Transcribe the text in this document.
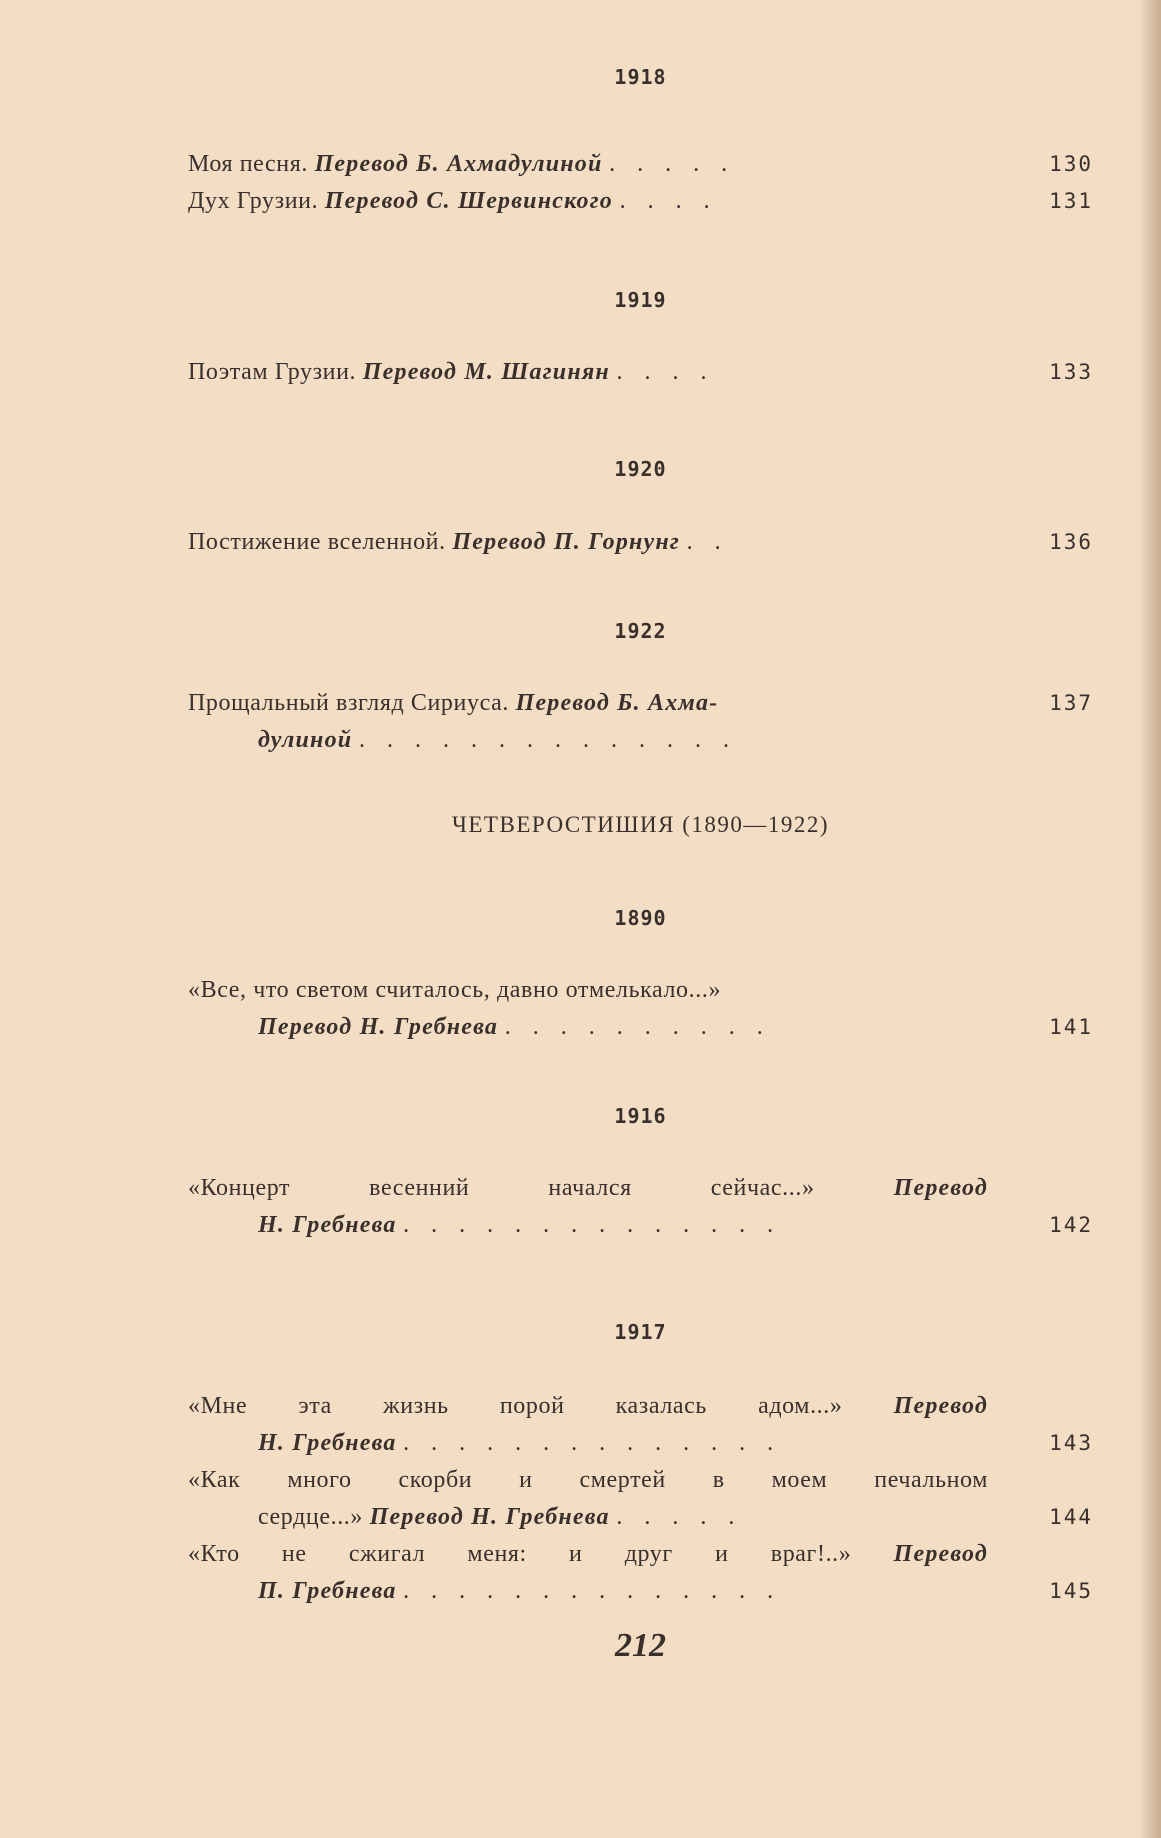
1918
Моя песня. Перевод Б. Ахмадулиной . . . . .	130
Дух Грузии. Перевод С. Шервинского . . . .	131
1919
Поэтам Грузии. Перевод М. Шагинян . . . .	133
1920
Постижение вселенной. Перевод П. Горнунг . .	136
1922
Прощальный взгляд Сириуса. Перевод Б. Ахма-	137
дулиной . . . . . . . . . . . . . .
ЧЕТВЕРОСТИШИЯ (1890—1922)
1890
«Все, что светом считалось, давно отмелькало...»
Перевод Н. Гребнева . . . . . . . . . .	141
1916
«Концерт весенний начался сейчас...»	Перевод
Н. Гребнева . . . . . . . . . . . . . .	142
1917
«Мне эта жизнь порой казалась адом...» Перевод
Н. Гребнева . . . . . . . . . . . . . .	143
«Как много скорби и смертей в моем печальном
сердце...» Перевод Н. Гребнева . . . . .	144
«Кто не сжигал меня: и друг и враг!..» Перевод
П. Гребнева . . . . . . . . . . . . . .	145
212
